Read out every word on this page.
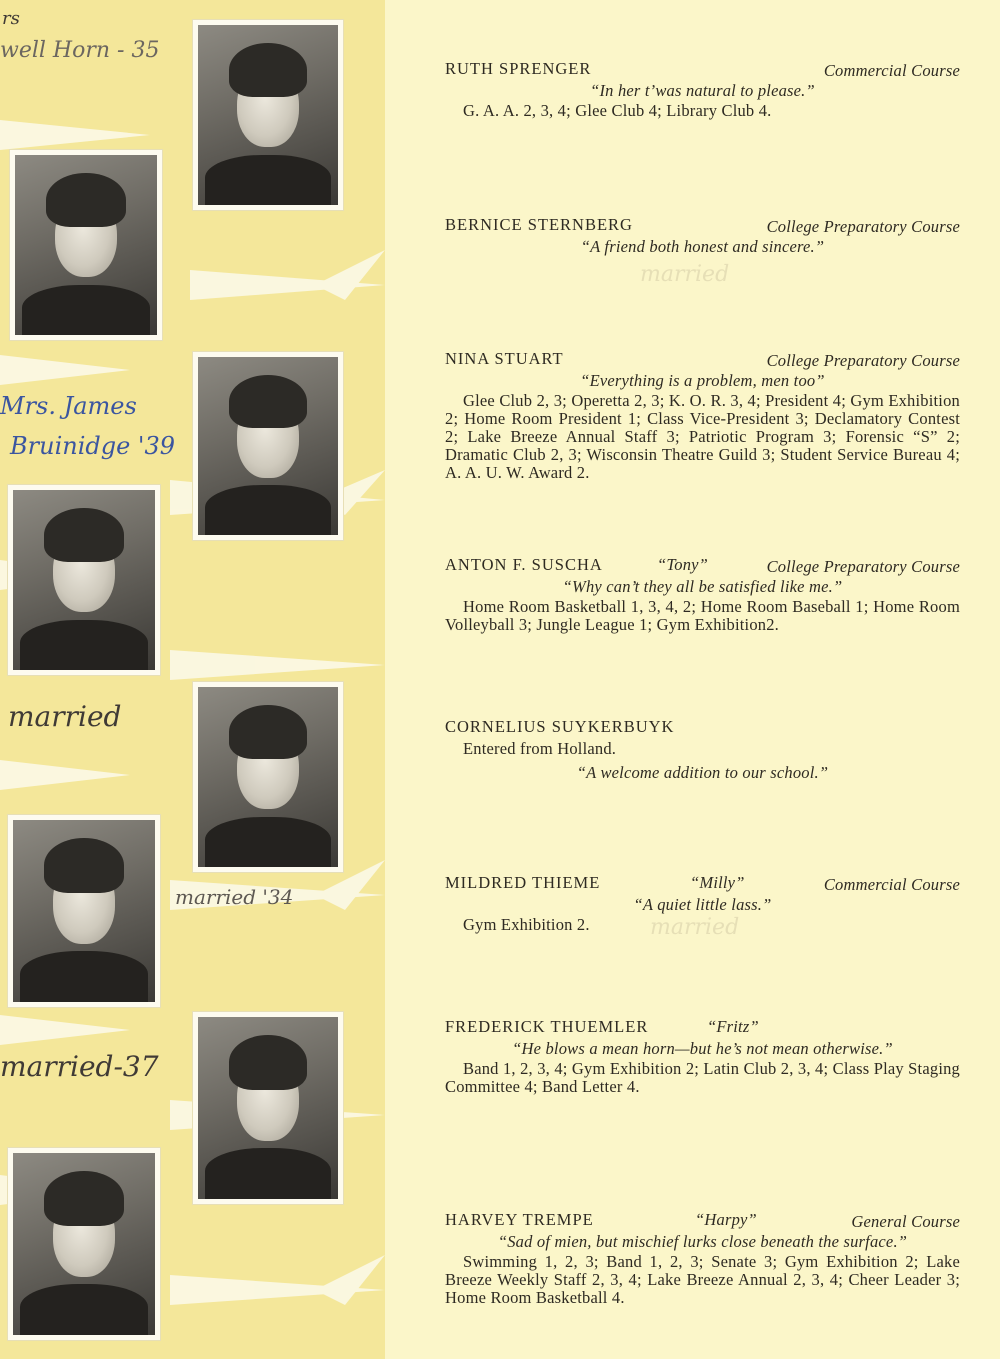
rs
well Horn - 35
Mrs. James
Bruinidge '39
married
married '34
married-37
married
married
RUTH SPRENGER	Commercial Course
“In her t’was natural to please.”
G. A. A. 2, 3, 4; Glee Club 4; Library Club 4.
BERNICE STERNBERG	College Preparatory Course
“A friend both honest and sincere.”
NINA STUART	College Preparatory Course
“Everything is a problem, men too”
Glee Club 2, 3; Operetta 2, 3; K. O. R. 3, 4; President 4; Gym Exhibition 2; Home Room President 1; Class Vice-President 3; Declamatory Contest 2; Lake Breeze Annual Staff 3; Patriotic Program 3; Forensic “S” 2; Dramatic Club 2, 3; Wisconsin Theatre Guild 3; Student Service Bureau 4; A. A. U. W. Award 2.
ANTON F. SUSCHA	“Tony”	College Preparatory Course
“Why can’t they all be satisfied like me.”
Home Room Basketball 1, 3, 4, 2; Home Room Baseball 1; Home Room Volleyball 3; Jungle League 1; Gym Exhibition2.
CORNELIUS SUYKERBUYK
Entered from Holland.
“A welcome addition to our school.”
MILDRED THIEME	“Milly”	Commercial Course
“A quiet little lass.”
Gym Exhibition 2.
FREDERICK THUEMLER	“Fritz”
“He blows a mean horn—but he’s not mean otherwise.”
Band 1, 2, 3, 4; Gym Exhibition 2; Latin Club 2, 3, 4; Class Play Staging Committee 4; Band Letter 4.
HARVEY TREMPE	“Harpy”	General Course
“Sad of mien, but mischief lurks close beneath the surface.”
Swimming 1, 2, 3; Band 1, 2, 3; Senate 3; Gym Exhibition 2; Lake Breeze Weekly Staff 2, 3, 4; Lake Breeze Annual 2, 3, 4; Cheer Leader 3; Home Room Basketball 4.
